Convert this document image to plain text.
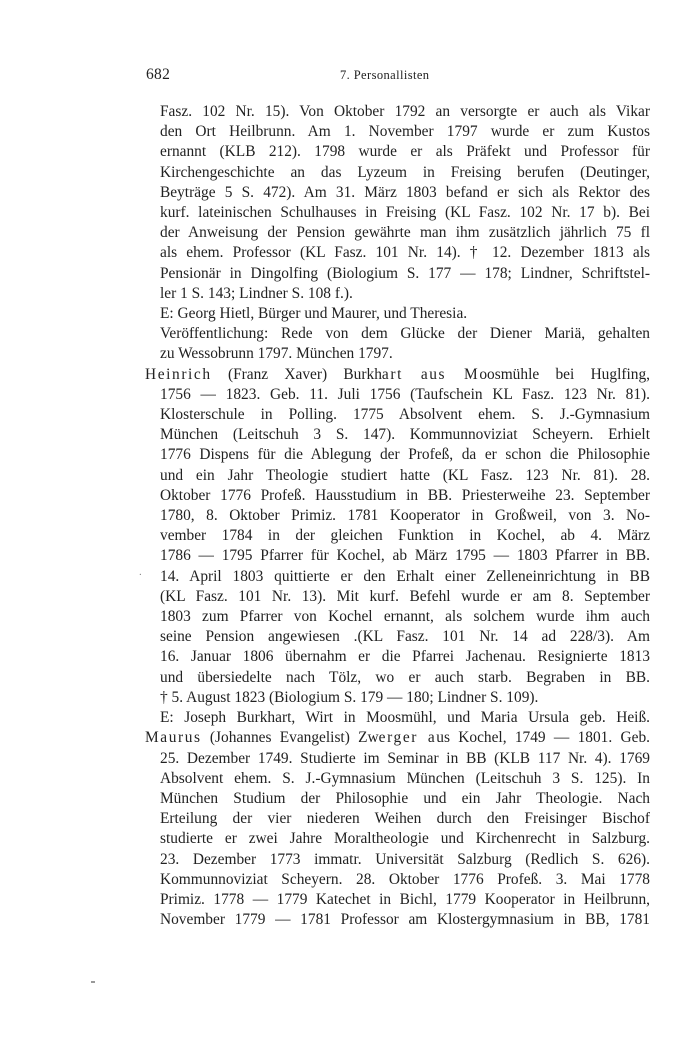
682	7. Personallisten
Fasz. 102 Nr. 15). Von Oktober 1792 an versorgte er auch als Vikar
den Ort Heilbrunn. Am 1. November 1797 wurde er zum Kustos
ernannt (KLB 212). 1798 wurde er als Präfekt und Professor für
Kirchengeschichte an das Lyzeum in Freising berufen (Deutinger,
Beyträge 5 S. 472). Am 31. März 1803 befand er sich als Rektor des
kurf. lateinischen Schulhauses in Freising (KL Fasz. 102 Nr. 17 b). Bei
der Anweisung der Pension gewährte man ihm zusätzlich jährlich 75 fl
als ehem. Professor (KL Fasz. 101 Nr. 14). † 12. Dezember 1813 als
Pensionär in Dingolfing (Biologium S. 177 — 178; Lindner, Schriftstel-
ler 1 S. 143; Lindner S. 108 f.).
E: Georg Hietl, Bürger und Maurer, und Theresia.
Veröffentlichung: Rede von dem Glücke der Diener Mariä, gehalten
zu Wessobrunn 1797. München 1797.
Heinrich (Franz Xaver) Burkhart aus Moosmühle bei Huglfing,
1756 — 1823. Geb. 11. Juli 1756 (Taufschein KL Fasz. 123 Nr. 81).
Klosterschule in Polling. 1775 Absolvent ehem. S. J.-Gymnasium
München (Leitschuh 3 S. 147). Kommunnoviziat Scheyern. Erhielt
1776 Dispens für die Ablegung der Profeß, da er schon die Philosophie
und ein Jahr Theologie studiert hatte (KL Fasz. 123 Nr. 81). 28.
Oktober 1776 Profeß. Hausstudium in BB. Priesterweihe 23. September
1780, 8. Oktober Primiz. 1781 Kooperator in Großweil, von 3. No-
vember 1784 in der gleichen Funktion in Kochel, ab 4. März
1786 — 1795 Pfarrer für Kochel, ab März 1795 — 1803 Pfarrer in BB.
14. April 1803 quittierte er den Erhalt einer Zelleneinrichtung in BB
(KL Fasz. 101 Nr. 13). Mit kurf. Befehl wurde er am 8. September
1803 zum Pfarrer von Kochel ernannt, als solchem wurde ihm auch
seine Pension angewiesen .(KL Fasz. 101 Nr. 14 ad 228/3). Am
16. Januar 1806 übernahm er die Pfarrei Jachenau. Resignierte 1813
und übersiedelte nach Tölz, wo er auch starb. Begraben in BB.
† 5. August 1823 (Biologium S. 179 — 180; Lindner S. 109).
E: Joseph Burkhart, Wirt in Moosmühl, und Maria Ursula geb. Heiß.
Maurus (Johannes Evangelist) Zwerger aus Kochel, 1749 — 1801. Geb.
25. Dezember 1749. Studierte im Seminar in BB (KLB 117 Nr. 4). 1769
Absolvent ehem. S. J.-Gymnasium München (Leitschuh 3 S. 125). In
München Studium der Philosophie und ein Jahr Theologie. Nach
Erteilung der vier niederen Weihen durch den Freisinger Bischof
studierte er zwei Jahre Moraltheologie und Kirchenrecht in Salzburg.
23. Dezember 1773 immatr. Universität Salzburg (Redlich S. 626).
Kommunnoviziat Scheyern. 28. Oktober 1776 Profeß. 3. Mai 1778
Primiz. 1778 — 1779 Katechet in Bichl, 1779 Kooperator in Heilbrunn,
November 1779 — 1781 Professor am Klostergymnasium in BB, 1781
.
